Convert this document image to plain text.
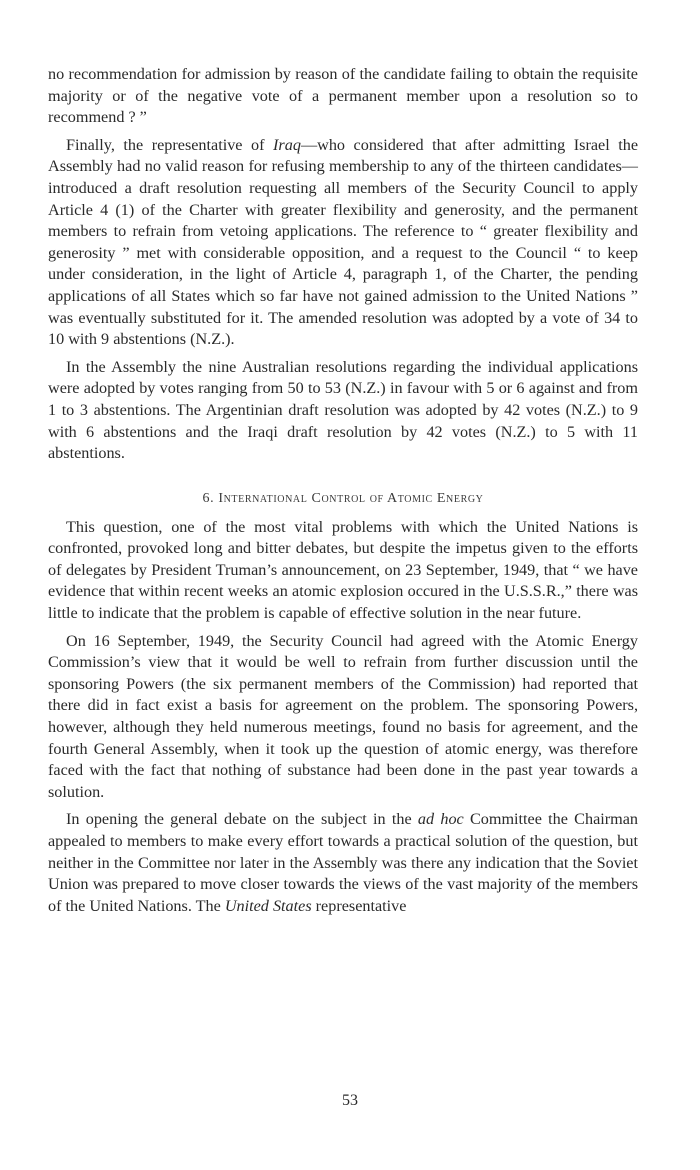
no recommendation for admission by reason of the candidate failing to obtain the requisite majority or of the negative vote of a permanent member upon a resolution so to recommend ? ”

Finally, the representative of Iraq—who considered that after admitting Israel the Assembly had no valid reason for refusing membership to any of the thirteen candidates—introduced a draft resolution requesting all members of the Security Council to apply Article 4 (1) of the Charter with greater flexibility and generosity, and the permanent members to refrain from vetoing applications. The reference to “ greater flexibility and generosity ” met with considerable opposition, and a request to the Council “ to keep under consideration, in the light of Article 4, paragraph 1, of the Charter, the pending applications of all States which so far have not gained admission to the United Nations ” was eventually substituted for it. The amended resolution was adopted by a vote of 34 to 10 with 9 abstentions (N.Z.).

In the Assembly the nine Australian resolutions regarding the individual applications were adopted by votes ranging from 50 to 53 (N.Z.) in favour with 5 or 6 against and from 1 to 3 abstentions. The Argentinian draft resolution was adopted by 42 votes (N.Z.) to 9 with 6 abstentions and the Iraqi draft resolution by 42 votes (N.Z.) to 5 with 11 abstentions.

6. International Control of Atomic Energy

This question, one of the most vital problems with which the United Nations is confronted, provoked long and bitter debates, but despite the impetus given to the efforts of delegates by President Truman’s announcement, on 23 September, 1949, that “ we have evidence that within recent weeks an atomic explosion occured in the U.S.S.R.,” there was little to indicate that the problem is capable of effective solution in the near future.

On 16 September, 1949, the Security Council had agreed with the Atomic Energy Commission’s view that it would be well to refrain from further discussion until the sponsoring Powers (the six permanent members of the Commission) had reported that there did in fact exist a basis for agreement on the problem. The sponsoring Powers, however, although they held numerous meetings, found no basis for agreement, and the fourth General Assembly, when it took up the question of atomic energy, was therefore faced with the fact that nothing of substance had been done in the past year towards a solution.

In opening the general debate on the subject in the ad hoc Committee the Chairman appealed to members to make every effort towards a practical solution of the question, but neither in the Committee nor later in the Assembly was there any indication that the Soviet Union was prepared to move closer towards the views of the vast majority of the members of the United Nations. The United States representative

53
